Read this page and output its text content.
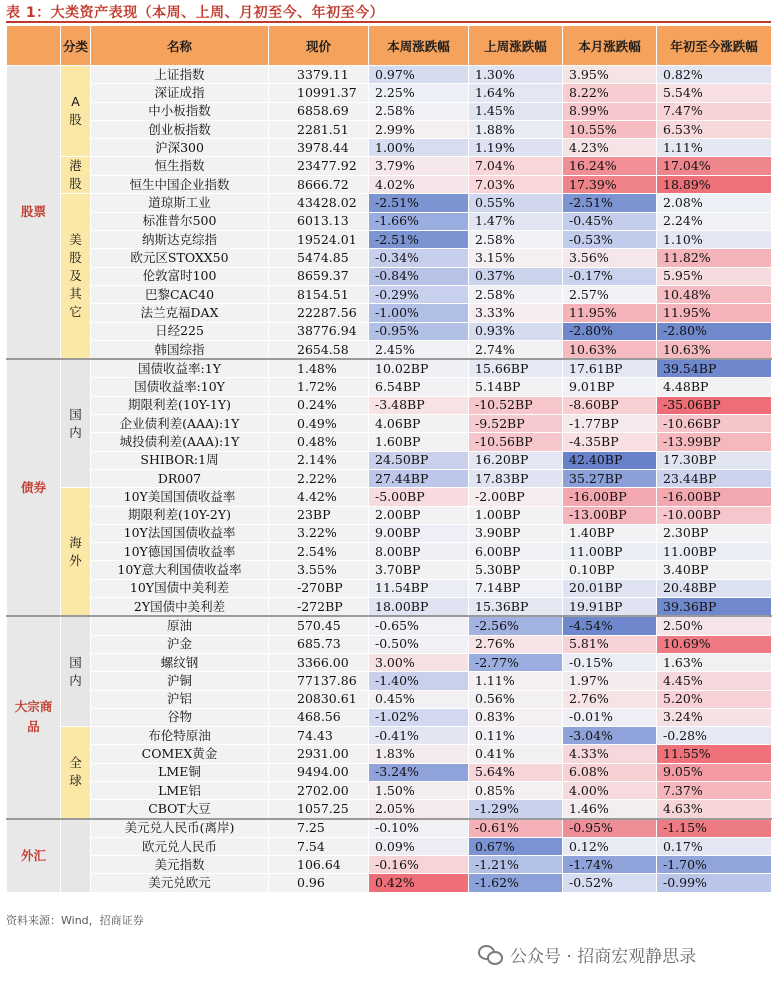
表 1：大类资产表现（本周、上周、月初至今、年初至今）
	分类	名称	现价	本周涨跌幅	上周涨跌幅	本月涨跌幅	年初至今涨跌幅
股票	A股	上证指数	3379.11	0.97%	1.30%	3.95%	0.82%
		深证成指	10991.37	2.25%	1.64%	8.22%	5.54%
		中小板指数	6858.69	2.58%	1.45%	8.99%	7.47%
		创业板指数	2281.51	2.99%	1.88%	10.55%	6.53%
		沪深300	3978.44	1.00%	1.19%	4.23%	1.11%
	港股	恒生指数	23477.92	3.79%	7.04%	16.24%	17.04%
		恒生中国企业指数	8666.72	4.02%	7.03%	17.39%	18.89%
	美股及其它	道琼斯工业	43428.02	-2.51%	0.55%	-2.51%	2.08%
		标准普尔500	6013.13	-1.66%	1.47%	-0.45%	2.24%
		纳斯达克综指	19524.01	-2.51%	2.58%	-0.53%	1.10%
		欧元区STOXX50	5474.85	-0.34%	3.15%	3.56%	11.82%
		伦敦富时100	8659.37	-0.84%	0.37%	-0.17%	5.95%
		巴黎CAC40	8154.51	-0.29%	2.58%	2.57%	10.48%
		法兰克福DAX	22287.56	-1.00%	3.33%	11.95%	11.95%
		日经225	38776.94	-0.95%	0.93%	-2.80%	-2.80%
		韩国综指	2654.58	2.45%	2.74%	10.63%	10.63%
债券	国内	国债收益率:1Y	1.48%	10.02BP	15.66BP	17.61BP	39.54BP
		国债收益率:10Y	1.72%	6.54BP	5.14BP	9.01BP	4.48BP
		期限利差(10Y-1Y)	0.24%	-3.48BP	-10.52BP	-8.60BP	-35.06BP
		企业债利差(AAA):1Y	0.49%	4.06BP	-9.52BP	-1.77BP	-10.66BP
		城投债利差(AAA):1Y	0.48%	1.60BP	-10.56BP	-4.35BP	-13.99BP
		SHIBOR:1周	2.14%	24.50BP	16.20BP	42.40BP	17.30BP
		DR007	2.22%	27.44BP	17.83BP	35.27BP	23.44BP
	海外	10Y美国国债收益率	4.42%	-5.00BP	-2.00BP	-16.00BP	-16.00BP
		期限利差(10Y-2Y)	23BP	2.00BP	1.00BP	-13.00BP	-10.00BP
		10Y法国国债收益率	3.22%	9.00BP	3.90BP	1.40BP	2.30BP
		10Y德国国债收益率	2.54%	8.00BP	6.00BP	11.00BP	11.00BP
		10Y意大利国债收益率	3.55%	3.70BP	5.30BP	0.10BP	3.40BP
		10Y国债中美利差	-270BP	11.54BP	7.14BP	20.01BP	20.48BP
		2Y国债中美利差	-272BP	18.00BP	15.36BP	19.91BP	39.36BP
大宗商品	国内	原油	570.45	-0.65%	-2.56%	-4.54%	2.50%
		沪金	685.73	-0.50%	2.76%	5.81%	10.69%
		螺纹钢	3366.00	3.00%	-2.77%	-0.15%	1.63%
		沪铜	77137.86	-1.40%	1.11%	1.97%	4.45%
		沪铝	20830.61	0.45%	0.56%	2.76%	5.20%
		谷物	468.56	-1.02%	0.83%	-0.01%	3.24%
	全球	布伦特原油	74.43	-0.41%	0.11%	-3.04%	-0.28%
		COMEX黄金	2931.00	1.83%	0.41%	4.33%	11.55%
		LME铜	9494.00	-3.24%	5.64%	6.08%	9.05%
		LME铝	2702.00	1.50%	0.85%	4.00%	7.37%
		CBOT大豆	1057.25	2.05%	-1.29%	1.46%	4.63%
外汇		美元兑人民币(离岸)	7.25	-0.10%	-0.61%	-0.95%	-1.15%
		欧元兑人民币	7.54	0.09%	0.67%	0.12%	0.17%
		美元指数	106.64	-0.16%	-1.21%	-1.74%	-1.70%
		美元兑欧元	0.96	0.42%	-1.62%	-0.52%	-0.99%
资料来源：Wind，招商证券
公众号 · 招商宏观静思录
